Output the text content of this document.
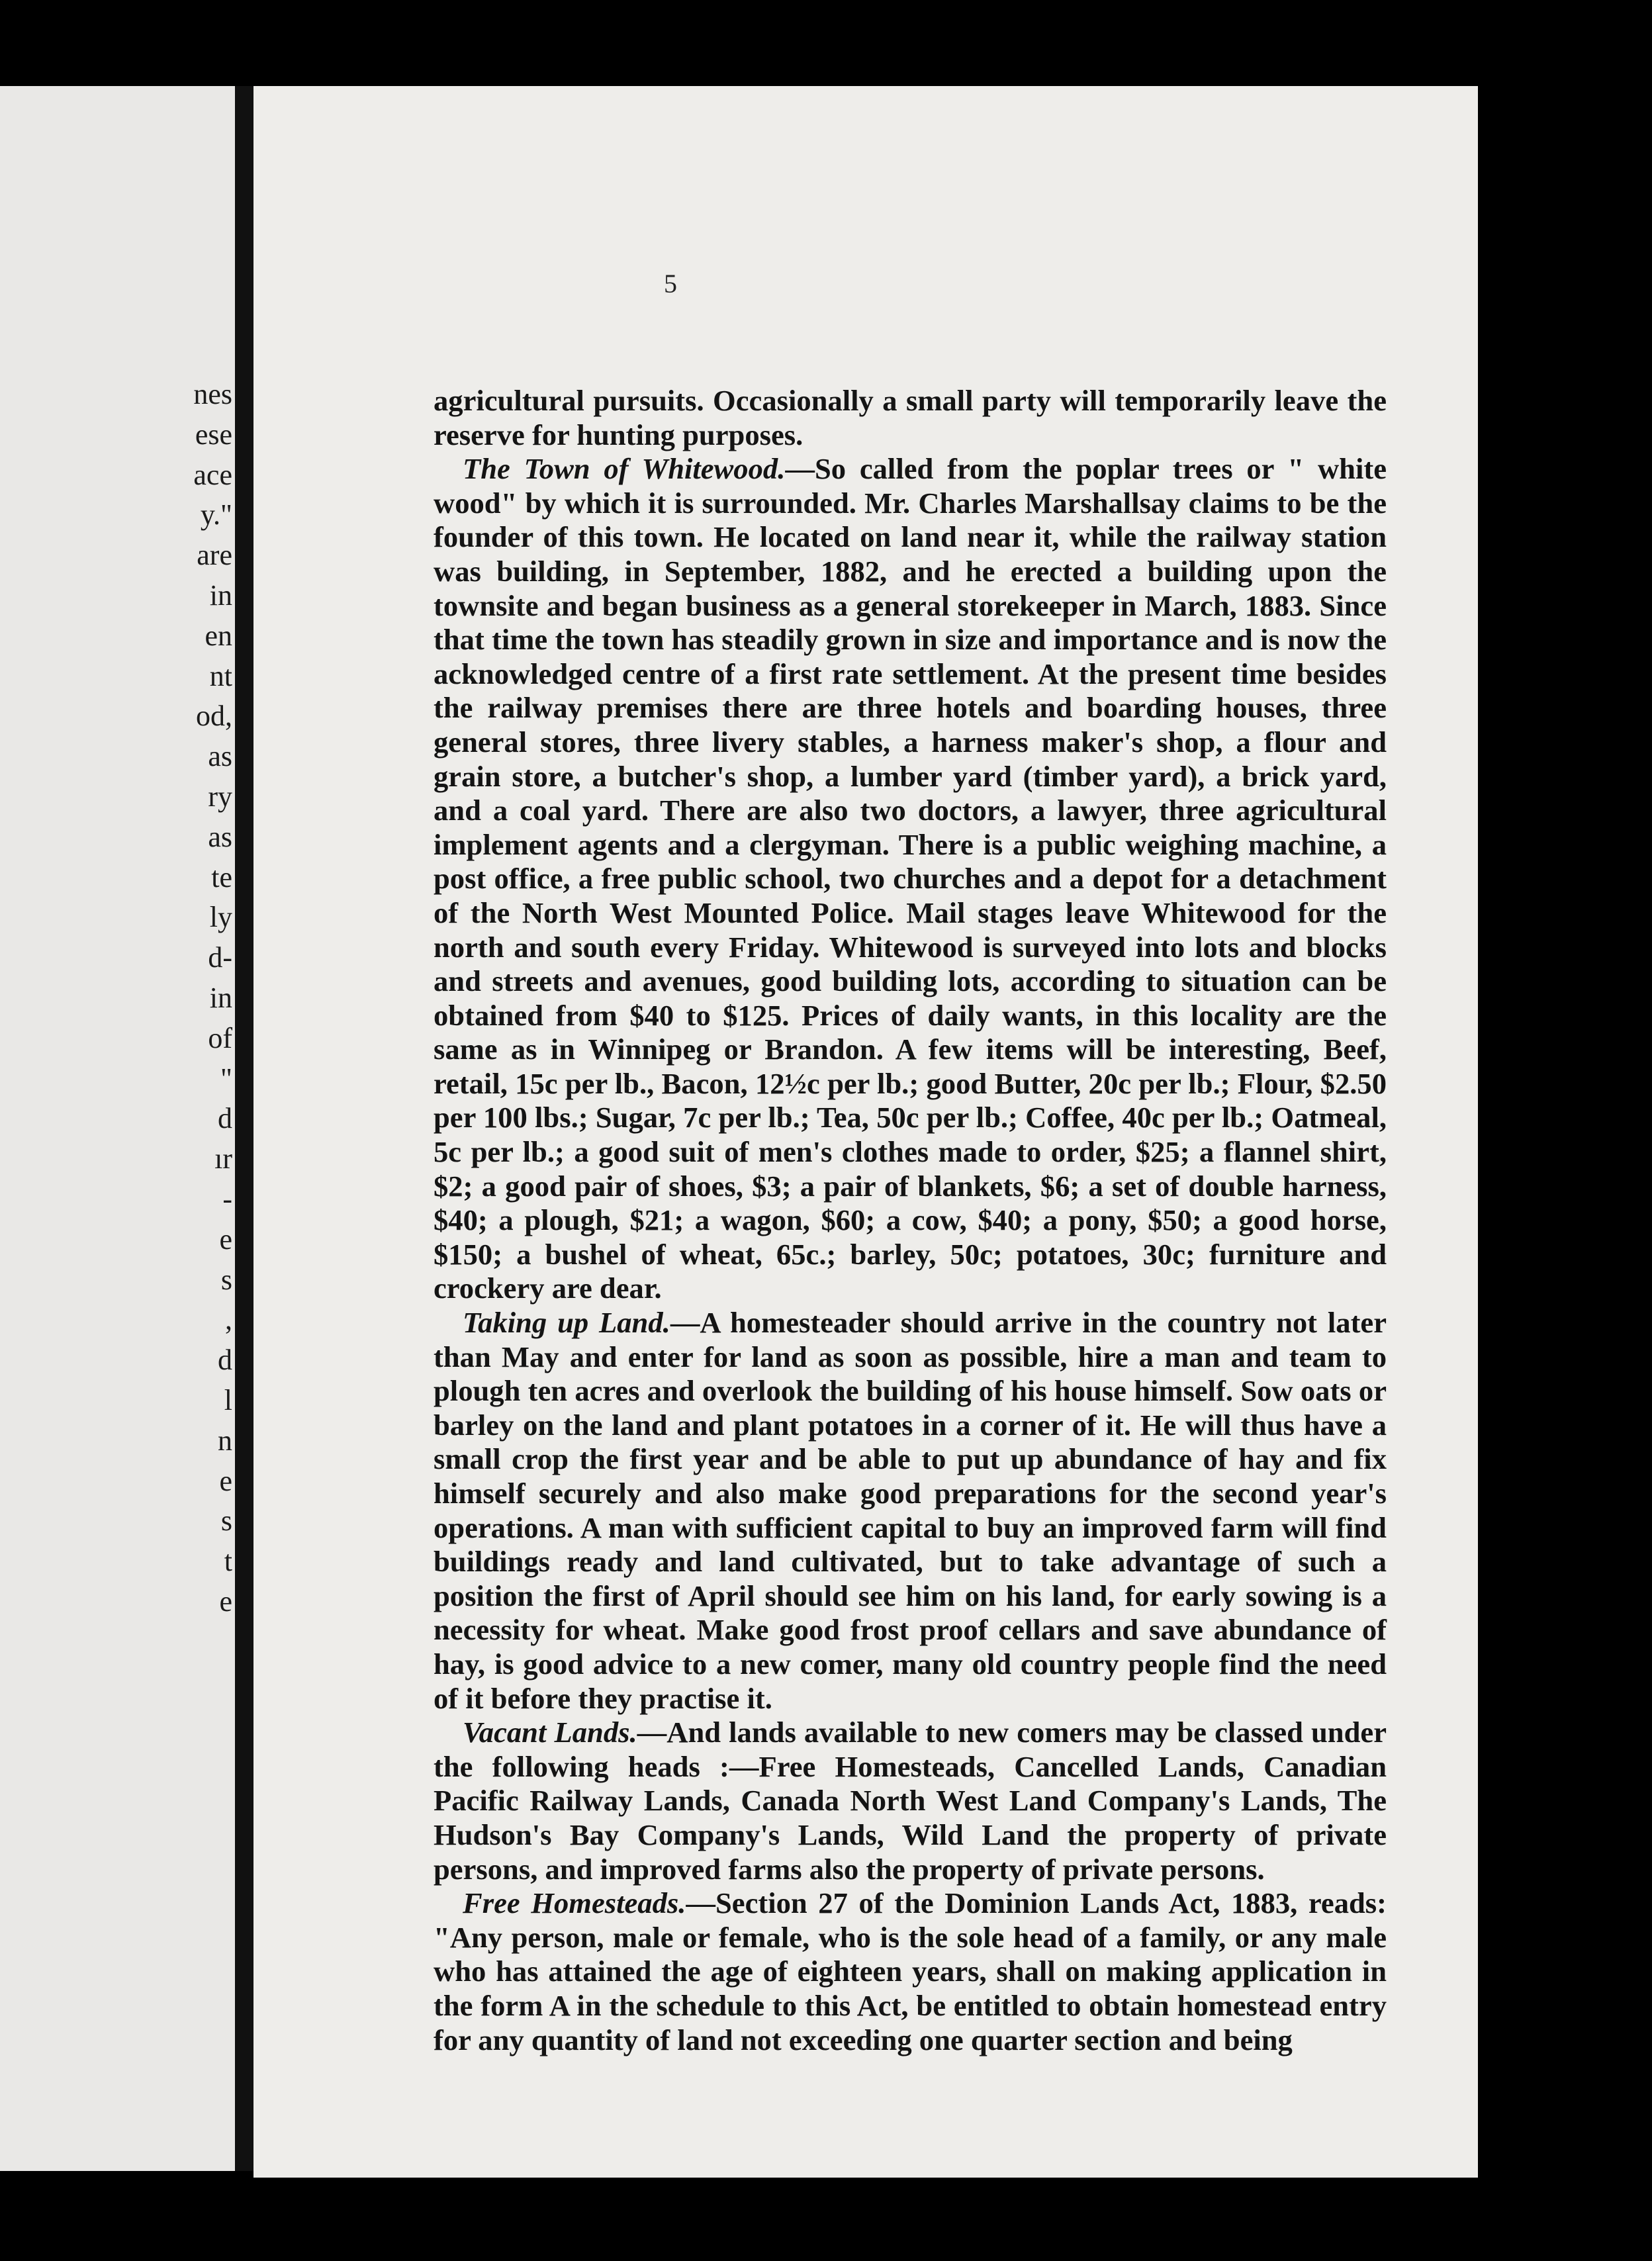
nes
ese
ace
y."
are
in
en
nt
od,
as
ry
as
te
ly
d-
in
of
"
d
ır
-
e
s
,
d
l
n
e
s
t
e
5

agricultural pursuits. Occasionally a small party will temporarily leave the reserve for hunting purposes.

The Town of Whitewood.—So called from the poplar trees or " white wood" by which it is surrounded. Mr. Charles Marshallsay claims to be the founder of this town. He located on land near it, while the railway station was building, in September, 1882, and he erected a building upon the townsite and began business as a general storekeeper in March, 1883. Since that time the town has steadily grown in size and importance and is now the acknowledged centre of a first rate settlement. At the present time besides the railway premises there are three hotels and boarding houses, three general stores, three livery stables, a harness maker's shop, a flour and grain store, a butcher's shop, a lumber yard (timber yard), a brick yard, and a coal yard. There are also two doctors, a lawyer, three agricultural implement agents and a clergyman. There is a public weighing machine, a post office, a free public school, two churches and a depot for a detachment of the North West Mounted Police. Mail stages leave Whitewood for the north and south every Friday. Whitewood is surveyed into lots and blocks and streets and avenues, good building lots, according to situation can be obtained from $40 to $125. Prices of daily wants, in this locality are the same as in Winnipeg or Brandon. A few items will be interesting, Beef, retail, 15c per lb., Bacon, 12½c per lb.; good Butter, 20c per lb.; Flour, $2.50 per 100 lbs.; Sugar, 7c per lb.; Tea, 50c per lb.; Coffee, 40c per lb.; Oatmeal, 5c per lb.; a good suit of men's clothes made to order, $25; a flannel shirt, $2; a good pair of shoes, $3; a pair of blankets, $6; a set of double harness, $40; a plough, $21; a wagon, $60; a cow, $40; a pony, $50; a good horse, $150; a bushel of wheat, 65c.; barley, 50c; potatoes, 30c; furniture and crockery are dear.

Taking up Land.—A homesteader should arrive in the country not later than May and enter for land as soon as possible, hire a man and team to plough ten acres and overlook the building of his house himself. Sow oats or barley on the land and plant potatoes in a corner of it. He will thus have a small crop the first year and be able to put up abundance of hay and fix himself securely and also make good preparations for the second year's operations. A man with sufficient capital to buy an improved farm will find buildings ready and land cultivated, but to take advantage of such a position the first of April should see him on his land, for early sowing is a necessity for wheat. Make good frost proof cellars and save abundance of hay, is good advice to a new comer, many old country people find the need of it before they practise it.

Vacant Lands.—And lands available to new comers may be classed under the following heads :—Free Homesteads, Cancelled Lands, Canadian Pacific Railway Lands, Canada North West Land Company's Lands, The Hudson's Bay Company's Lands, Wild Land the property of private persons, and improved farms also the property of private persons.

Free Homesteads.—Section 27 of the Dominion Lands Act, 1883, reads: "Any person, male or female, who is the sole head of a family, or any male who has attained the age of eighteen years, shall on making application in the form A in the schedule to this Act, be entitled to obtain homestead entry for any quantity of land not exceeding one quarter section and being
